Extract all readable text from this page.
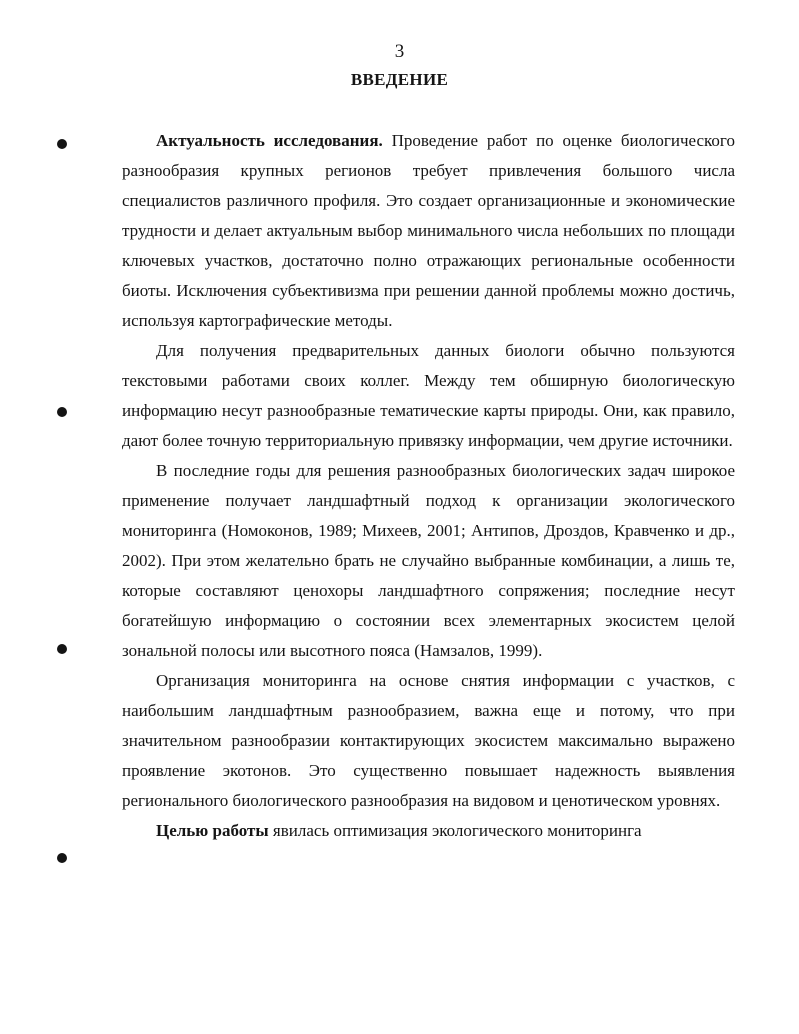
3
ВВЕДЕНИЕ

Актуальность исследования. Проведение работ по оценке биологического разнообразия крупных регионов требует привлечения большого числа специалистов различного профиля. Это создает организационные и экономические трудности и делает актуальным выбор минимального числа небольших по площади ключевых участков, достаточно полно отражающих региональные особенности биоты. Исключения субъективизма при решении данной проблемы можно достичь, используя картографические методы.

Для получения предварительных данных биологи обычно пользуются текстовыми работами своих коллег. Между тем обширную биологическую информацию несут разнообразные тематические карты природы. Они, как правило, дают более точную территориальную привязку информации, чем другие источники.

В последние годы для решения разнообразных биологических задач широкое применение получает ландшафтный подход к организации экологического мониторинга (Номоконов, 1989; Михеев, 2001; Антипов, Дроздов, Кравченко и др., 2002). При этом желательно брать не случайно выбранные комбинации, а лишь те, которые составляют ценохоры ландшафтного сопряжения; последние несут богатейшую информацию о состоянии всех элементарных экосистем целой зональной полосы или высотного пояса (Намзалов, 1999).

Организация мониторинга на основе снятия информации с участков, с наибольшим ландшафтным разнообразием, важна еще и потому, что при значительном разнообразии контактирующих экосистем максимально выражено проявление экотонов. Это существенно повышает надежность выявления регионального биологического разнообразия на видовом и ценотическом уровнях.

Целью работы явилась оптимизация экологического мониторинга
